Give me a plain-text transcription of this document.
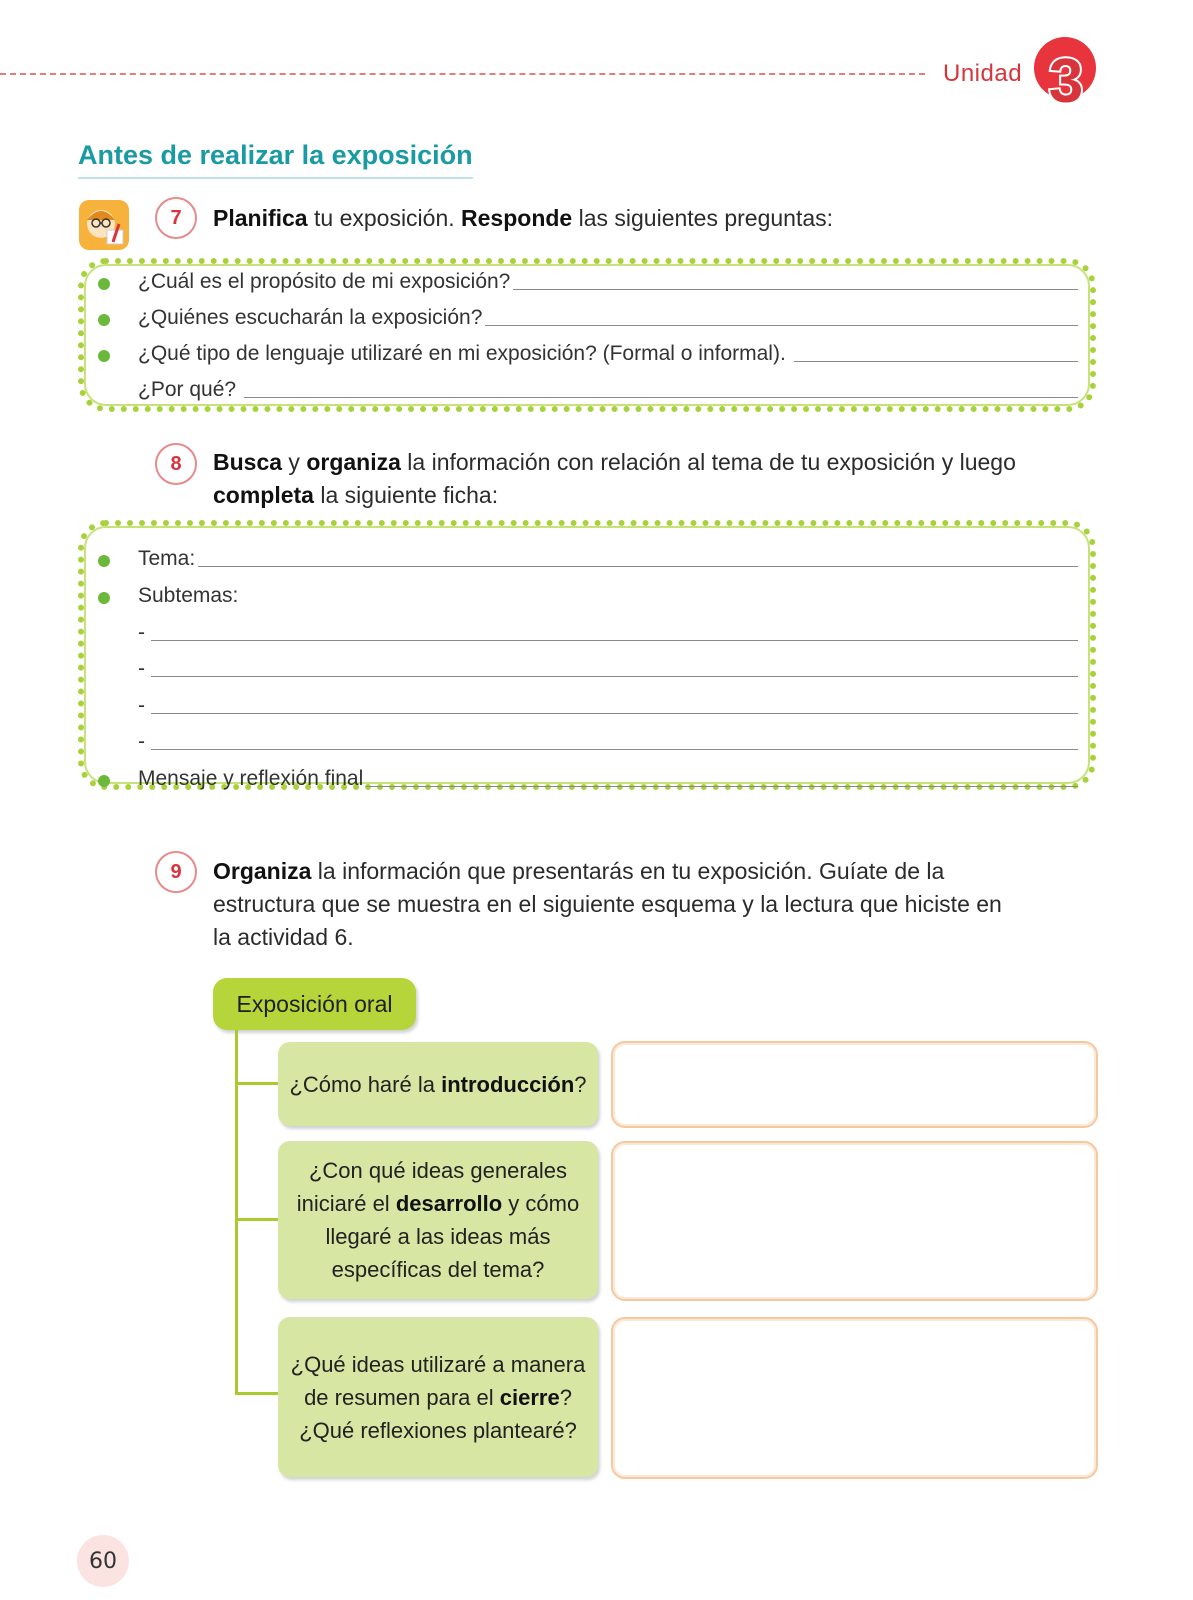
Unidad 3
Antes de realizar la exposición
7	Planifica tu exposición. Responde las siguientes preguntas:
¿Cuál es el propósito de mi exposición?
¿Quiénes escucharán la exposición?
¿Qué tipo de lenguaje utilizaré en mi exposición? (Formal o informal).
¿Por qué?
8	Busca y organiza la información con relación al tema de tu exposición y luego
completa la siguiente ficha:
Tema:
Subtemas:
-
-
-
-
Mensaje y reflexión final
9	Organiza la información que presentarás en tu exposición. Guíate de la
estructura que se muestra en el siguiente esquema y la lectura que hiciste en
la actividad 6.
Exposición oral
¿Cómo haré la introducción?
¿Con qué ideas generales iniciaré el desarrollo y cómo llegaré a las ideas más específicas del tema?
¿Qué ideas utilizaré a manera de resumen para el cierre? ¿Qué reflexiones plantearé?
60
